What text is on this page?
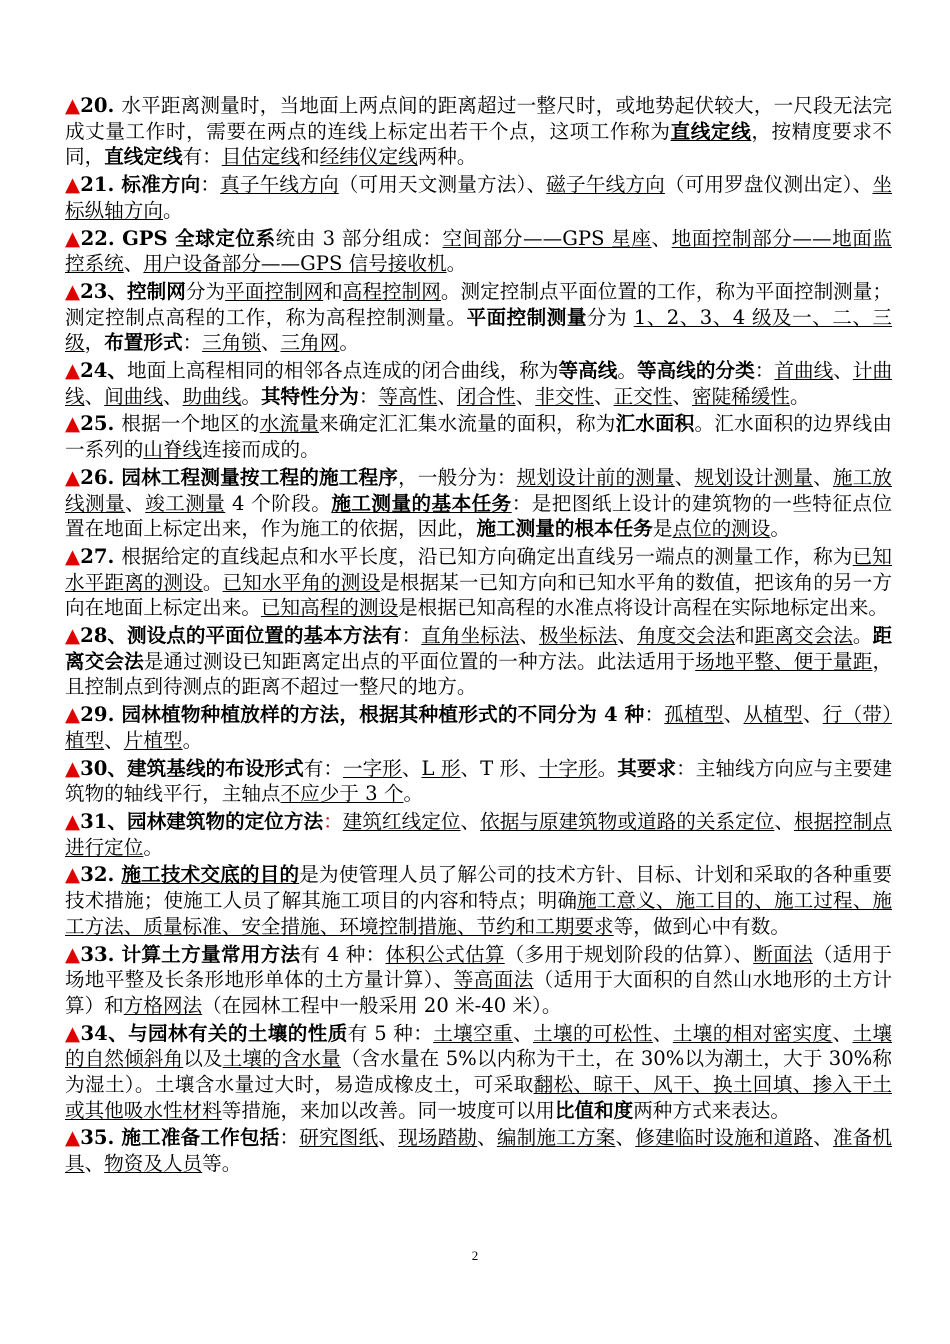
▲20. 水平距离测量时，当地面上两点间的距离超过一整尺时，或地势起伏较大，一尺段无法完成丈量工作时，需要在两点的连线上标定出若干个点，这项工作称为直线定线，按精度要求不同，直线定线有：目估定线和经纬仪定线两种。
▲21. 标准方向：真子午线方向（可用天文测量方法）、磁子午线方向（可用罗盘仪测出定）、坐标纵轴方向。
▲22. GPS 全球定位系统由 3 部分组成：空间部分——GPS 星座、地面控制部分——地面监控系统、用户设备部分——GPS 信号接收机。
▲23、控制网分为平面控制网和高程控制网。测定控制点平面位置的工作，称为平面控制测量；测定控制点高程的工作，称为高程控制测量。平面控制测量分为 1、2、3、4 级及一、二、三级，布置形式：三角锁、三角网。
▲24、地面上高程相同的相邻各点连成的闭合曲线，称为等高线。等高线的分类：首曲线、计曲线、间曲线、助曲线。其特性分为：等高性、闭合性、非交性、正交性、密陡稀缓性。
▲25. 根据一个地区的水流量来确定汇汇集水流量的面积，称为汇水面积。汇水面积的边界线由一系列的山脊线连接而成的。
▲26. 园林工程测量按工程的施工程序，一般分为：规划设计前的测量、规划设计测量、施工放线测量、竣工测量 4 个阶段。施工测量的基本任务：是把图纸上设计的建筑物的一些特征点位置在地面上标定出来，作为施工的依据，因此，施工测量的根本任务是点位的测设。
▲27. 根据给定的直线起点和水平长度，沿已知方向确定出直线另一端点的测量工作，称为已知水平距离的测设。已知水平角的测设是根据某一已知方向和已知水平角的数值，把该角的另一方向在地面上标定出来。已知高程的测设是根据已知高程的水准点将设计高程在实际地标定出来。
▲28、测设点的平面位置的基本方法有：直角坐标法、极坐标法、角度交会法和距离交会法。距离交会法是通过测设已知距离定出点的平面位置的一种方法。此法适用于场地平整、便于量距，且控制点到待测点的距离不超过一整尺的地方。
▲29. 园林植物种植放样的方法，根据其种植形式的不同分为 4 种：孤植型、从植型、行（带）植型、片植型。
▲30、建筑基线的布设形式有：一字形、L 形、T 形、十字形。其要求：主轴线方向应与主要建筑物的轴线平行，主轴点不应少于 3 个。
▲31、园林建筑物的定位方法：建筑红线定位、依据与原建筑物或道路的关系定位、根据控制点进行定位。
▲32. 施工技术交底的目的是为使管理人员了解公司的技术方针、目标、计划和采取的各种重要技术措施；使施工人员了解其施工项目的内容和特点；明确施工意义、施工目的、施工过程、施工方法、质量标准、安全措施、环境控制措施、节约和工期要求等，做到心中有数。
▲33. 计算土方量常用方法有 4 种：体积公式估算（多用于规划阶段的估算）、断面法（适用于场地平整及长条形地形单体的土方量计算）、等高面法（适用于大面积的自然山水地形的土方计算）和方格网法（在园林工程中一般采用 20 米-40 米）。
▲34、与园林有关的土壤的性质有 5 种：土壤空重、土壤的可松性、土壤的相对密实度、土壤的自然倾斜角以及土壤的含水量（含水量在 5%以内称为干土，在 30%以为潮土，大于 30%称为湿土）。土壤含水量过大时，易造成橡皮土，可采取翻松、晾干、风干、换土回填、掺入干土或其他吸水性材料等措施，来加以改善。同一坡度可以用比值和度两种方式来表达。
▲35. 施工准备工作包括：研究图纸、现场踏勘、编制施工方案、修建临时设施和道路、准备机具、物资及人员等。
2
